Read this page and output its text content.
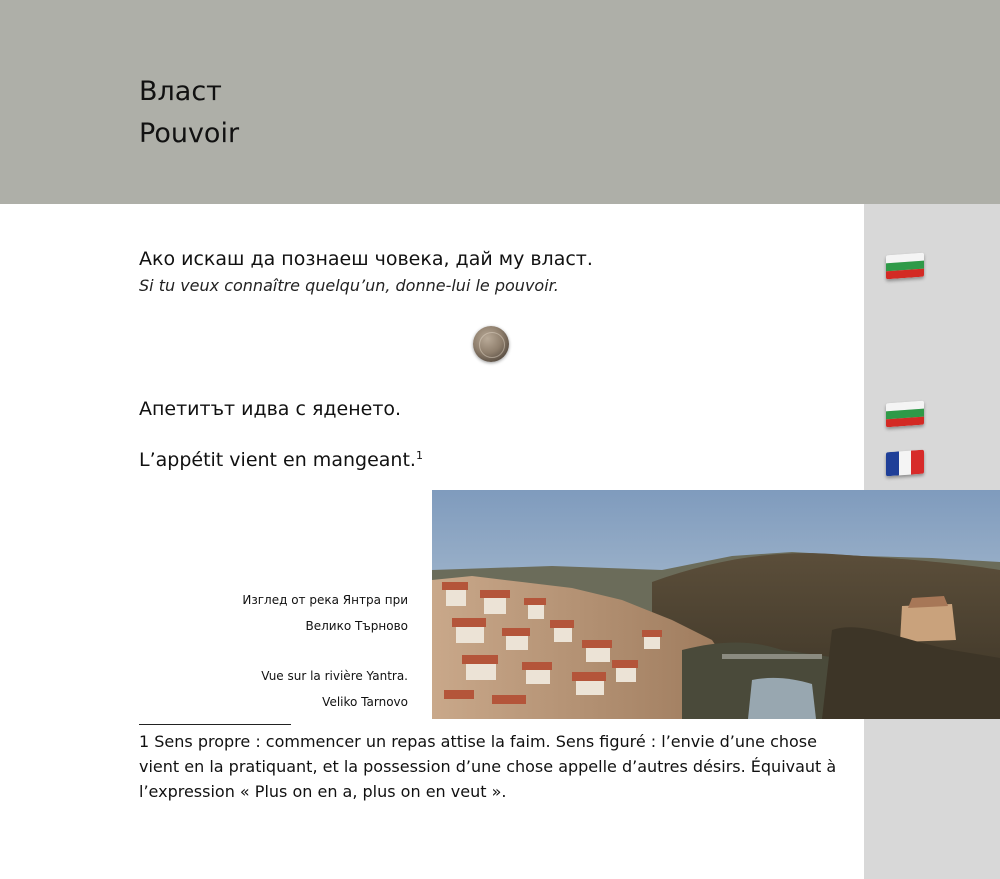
Власт
Pouvoir
Ако искаш да познаеш човека, дай му власт.
Si tu veux connaître quelqu’un, donne-lui le pouvoir.
Апетитът идва с яденето.
L’appétit vient en mangeant.$^1$
Изглед от река Янтра при
Велико Търново
Vue sur la rivière Yantra.
Veliko Tarnovo
1 Sens propre : commencer un repas attise la faim. Sens figuré : l’envie d’une chose vient en la pratiquant, et la possession d’une chose appelle d’autres désirs. Équivaut à l’expression « Plus on en a, plus on en veut ».
